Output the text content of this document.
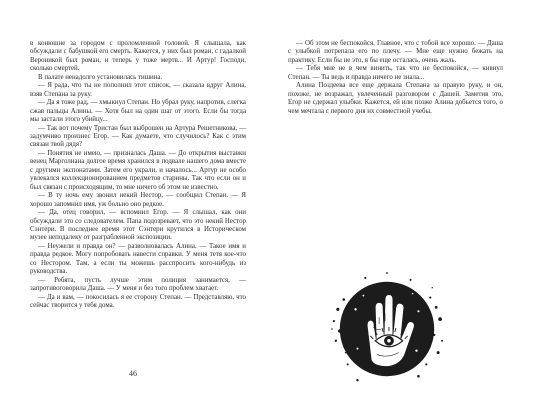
в конюшне за городом с проломленной головой. Я слышала, как обсуждали с бабушкой его смерть. Кажется, у них был роман, с гадалкой Вероникой был роман, и теперь у тоже мертв... И Артур! Господи, сколько смертей.

В палате ненадолго установилась тишина.

— Я рада, что ты не пополнил этот список, — сказала вдруг Алина, взяв Степана за руку.

— Да я тоже рад, — хмыкнул Степан. Но убрал руку, напротив, слегка сжав пальцы Алины. — Хотя был на один шаг от этого. Если бы тогда мы застали этого убийцу...

— Так вот почему Тристан был выброшен на Артура Решетникова, — задумчиво произнес Егор. — Как думаете, что случилось? Как с этим связан твой дядя?

— Понятия не имею, — призналась Даша. — До открытия выставки венец Марголиана долгое время хранился в подвале нашего дома вместе с другими экспонатами. Затем его украли, и началось... Артур не особо увлекался коллекционированием предметов старины. Так что если он и был связан с происходящим, то мне ничего об этом не известно.

— В ту ночь ему звонил некий Нестор, — сообщил Степан. — Я хорошо запомнил имя, уж больно оно редкое.

— Да, отец говорил, — вспомнил Егор. — Я слышал, как они обсуждали это со следователем. Папа подозревает, что это некий Нестор Сэнтери. В последнее время этот Сэнтери крутился в Историческом музее неподалеку от разграбленной экспозиции.

— Неужели и правда он? — разволновалась Алина. — Такое имя и правда редкое. Могу попробовать навести справки. У меня тетя кое-что со Нестором. Там, а если ты можешь расспросить кого-нибудь из руководства.

— Ребята, пусть лучше этим полиция занимается, — запротивоговорила Даша. — У меня и без того проблем хватает.

— Да и вам, — покосилась я ее сторону Степан. — Представляю, что сейчас творится у тебя дома.

46

— Об этом не беспокойся. Главное, что с тобой все хорошо. — Даша с улыбкой потрепала его по плечу. — Мне еще нужно бежать на практику. Если бы не это, я бы еще осталась, очень жаль.

— Тебя мне не в чем винить, так что не беспокойся, — кивнул Степан. — Ты ведь и правда ничего не знала...

Алина Поздеева все еще держала Степана за правую руку, и он, похоже, не возражал, увлеченный разговором с Дашей. Заметив это, Егор не сдержал улыбки. Кажется, ей или позже Алина добьется того, о чем мечтала с первого дня их совместной учебы.
